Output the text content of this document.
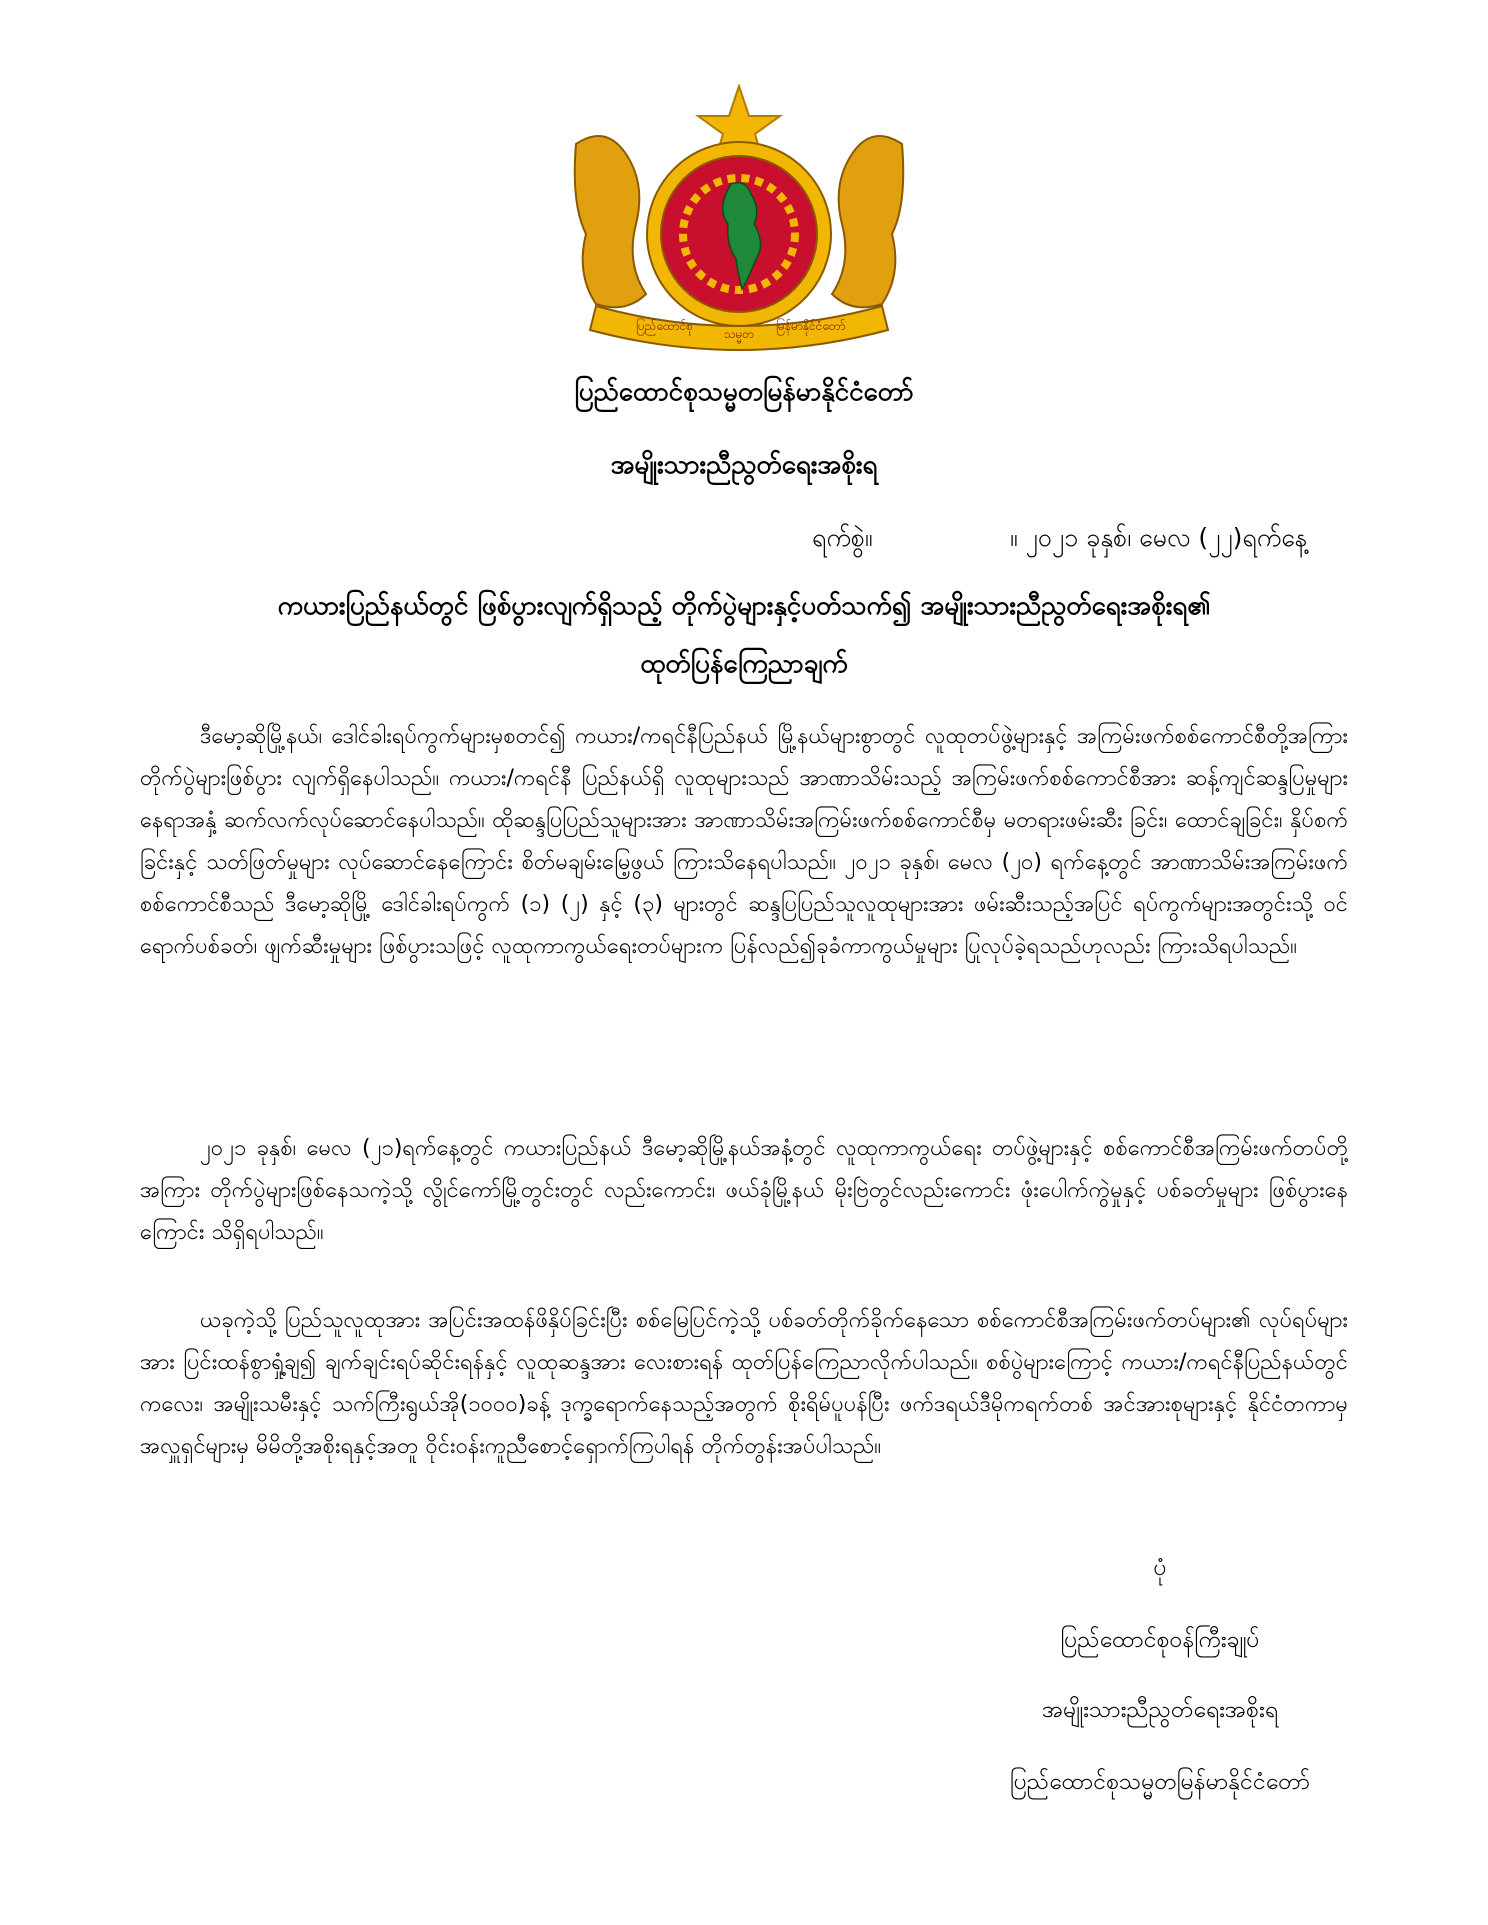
ပြည်ထောင်စု
သမ္မတ
မြန်မာနိုင်ငံတော်
ပြည်ထောင်စုသမ္မတမြန်မာနိုင်ငံတော်
အမျိုးသားညီညွတ်ရေးအစိုးရ
ရက်စွဲ။	။ ၂၀၂၁ ခုနှစ်၊ မေလ (၂၂)ရက်နေ့
ကယားပြည်နယ်တွင် ဖြစ်ပွားလျက်ရှိသည့် တိုက်ပွဲများနှင့်ပတ်သက်၍ အမျိုးသားညီညွတ်ရေးအစိုးရ၏
ထုတ်ပြန်ကြေညာချက်
ဒီမော့ဆိုမြို့နယ်၊ ဒေါင်ခါးရပ်ကွက်များမှစတင်၍ ကယား/ကရင်နီပြည်နယ် မြို့နယ်များစွာတွင် လူထုတပ်ဖွဲ့များနှင့် အကြမ်းဖက်စစ်ကောင်စီတို့အကြား တိုက်ပွဲများဖြစ်ပွား လျက်ရှိနေပါသည်။ ကယား/ကရင်နီ ပြည်နယ်ရှိ လူထုများသည် အာဏာသိမ်းသည့် အကြမ်းဖက်စစ်ကောင်စီအား ဆန့်ကျင်ဆန္ဒပြမှုများ နေရာအနှံ့ ဆက်လက်လုပ်ဆောင်နေပါသည်။ ထိုဆန္ဒပြပြည်သူများအား အာဏာသိမ်းအကြမ်းဖက်စစ်ကောင်စီမှ မတရားဖမ်းဆီး ခြင်း၊ ထောင်ချခြင်း၊ နှိပ်စက်ခြင်းနှင့် သတ်ဖြတ်မှုများ လုပ်ဆောင်နေကြောင်း စိတ်မချမ်းမြေ့ဖွယ် ကြားသိနေရပါသည်။ ၂၀၂၁ ခုနှစ်၊ မေလ (၂၀) ရက်နေ့တွင် အာဏာသိမ်းအကြမ်းဖက်စစ်ကောင်စီသည် ဒီမော့ဆိုမြို့ ဒေါင်ခါးရပ်ကွက် (၁) (၂) နှင့် (၃) များတွင် ဆန္ဒပြပြည်သူလူထုများအား ဖမ်းဆီးသည့်အပြင် ရပ်ကွက်များအတွင်းသို့ ဝင်ရောက်ပစ်ခတ်၊ ဖျက်ဆီးမှုများ ဖြစ်ပွားသဖြင့် လူထုကာကွယ်ရေးတပ်များက ပြန်လည်၍ခုခံကာကွယ်မှုများ ပြုလုပ်ခဲ့ရသည်ဟုလည်း ကြားသိရပါသည်။
၂၀၂၁ ခုနှစ်၊ မေလ (၂၁)ရက်နေ့တွင် ကယားပြည်နယ် ဒီမော့ဆိုမြို့နယ်အနံ့တွင် လူထုကာကွယ်ရေး တပ်ဖွဲ့များနှင့် စစ်ကောင်စီအကြမ်းဖက်တပ်တို့အကြား တိုက်ပွဲများဖြစ်နေသကဲ့သို့ လွိုင်ကော်မြို့တွင်းတွင် လည်းကောင်း၊ ဖယ်ခုံမြို့နယ် မိုးဗြဲတွင်လည်းကောင်း ဖုံးပေါက်ကွဲမှုနှင့် ပစ်ခတ်မှုများ ဖြစ်ပွားနေကြောင်း သိရှိရပါသည်။
ယခုကဲ့သို့ ပြည်သူလူထုအား အပြင်းအထန်ဖိနှိပ်ခြင်းပြီး စစ်မြေပြင်ကဲ့သို့ ပစ်ခတ်တိုက်ခိုက်နေသော စစ်ကောင်စီအကြမ်းဖက်တပ်များ၏ လုပ်ရပ်များအား ပြင်းထန်စွာရှုံ့ချ၍ ချက်ချင်းရပ်ဆိုင်းရန်နှင့် လူထုဆန္ဒအား လေးစားရန် ထုတ်ပြန်ကြေညာလိုက်ပါသည်။ စစ်ပွဲများကြောင့် ကယား/ကရင်နီပြည်နယ်တွင် ကလေး၊ အမျိုးသမီးနှင့် သက်ကြီးရွယ်အို(၁၀၀၀)ခန့် ဒုက္ခရောက်နေသည့်အတွက် စိုးရိမ်ပူပန်ပြီး ဖက်ဒရယ်ဒီမိုကရက်တစ် အင်အားစုများနှင့် နိုင်ငံတကာမှ အလှူရှင်များမှ မိမိတို့အစိုးရနှင့်အတူ ဝိုင်းဝန်းကူညီစောင့်ရှောက်ကြပါရန် တိုက်တွန်းအပ်ပါသည်။
ပုံ
ပြည်ထောင်စုဝန်ကြီးချုပ်
အမျိုးသားညီညွတ်ရေးအစိုးရ
ပြည်ထောင်စုသမ္မတမြန်မာနိုင်ငံတော်
